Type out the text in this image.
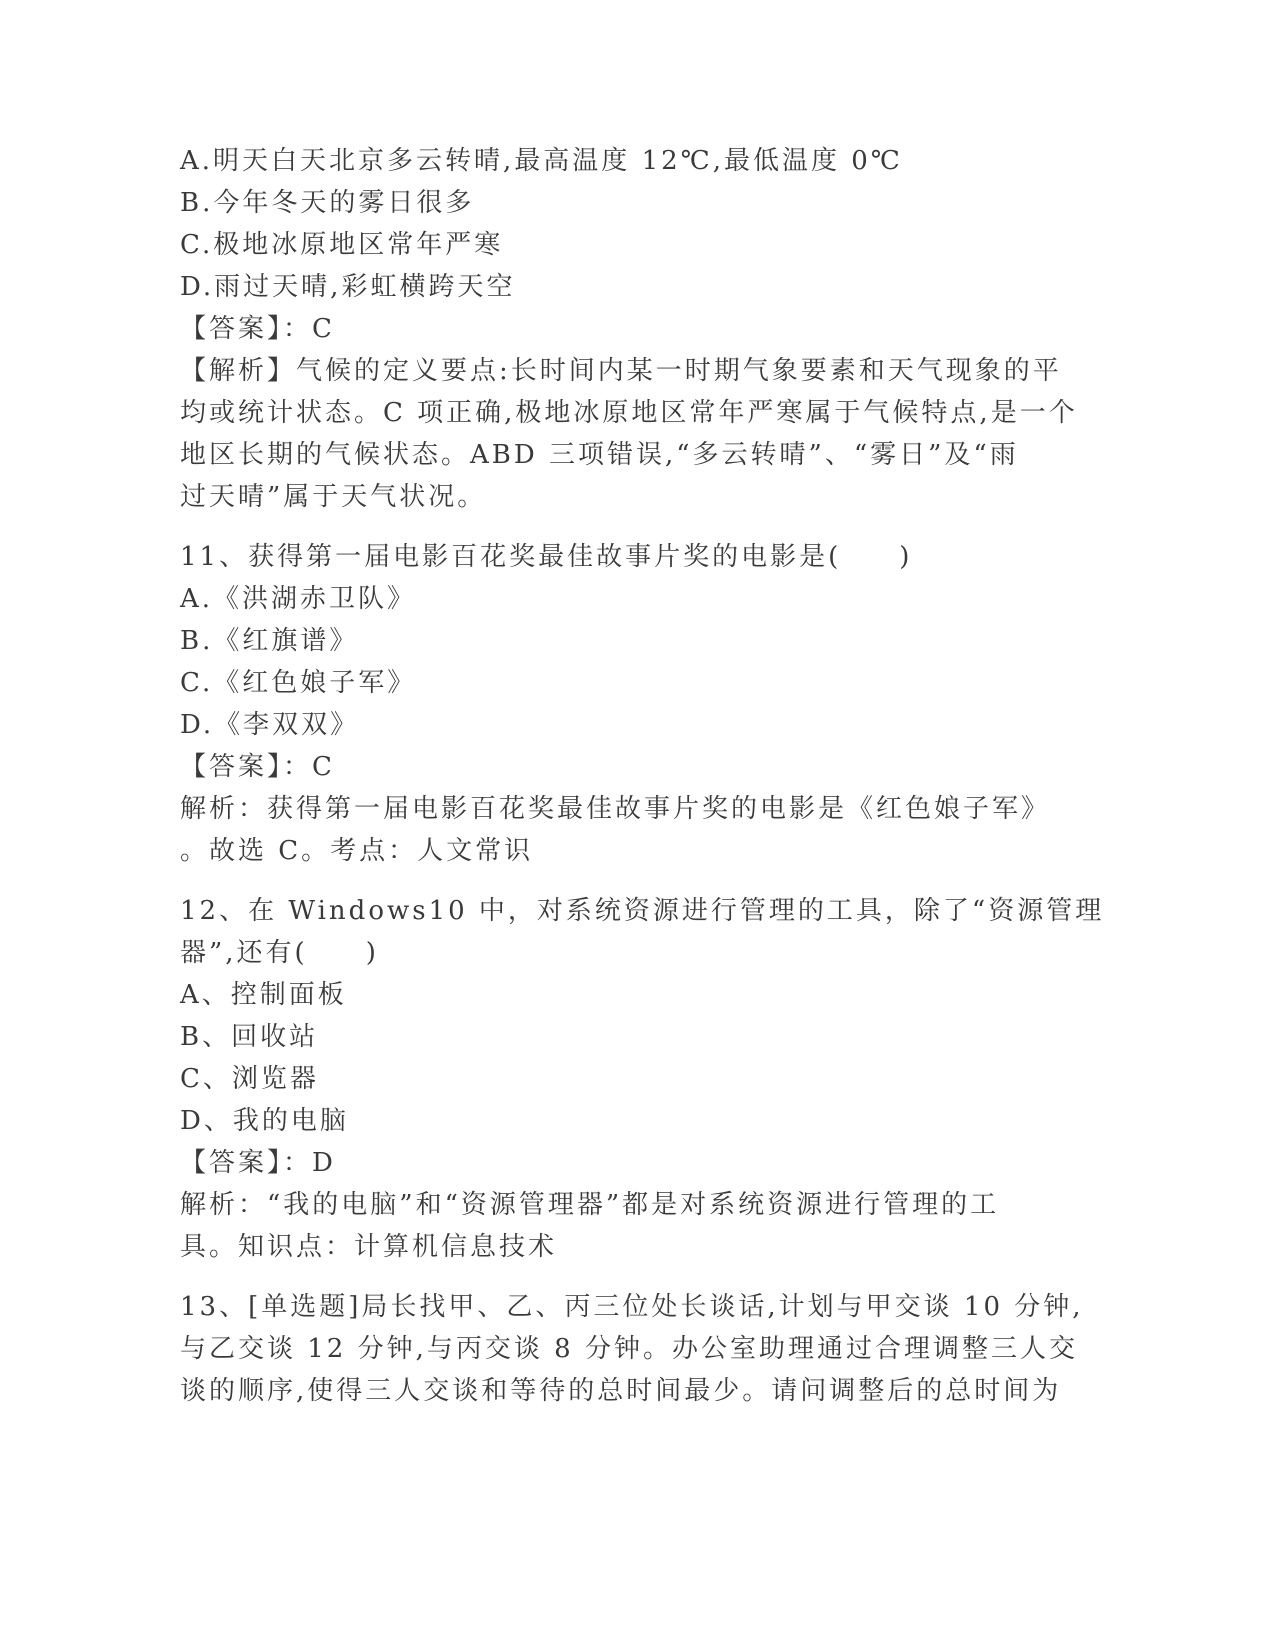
A.明天白天北京多云转晴,最高温度 12℃,最低温度 0℃
B.今年冬天的雾日很多
C.极地冰原地区常年严寒
D.雨过天晴,彩虹横跨天空
【答案】：C
【解析】气候的定义要点:长时间内某一时期气象要素和天气现象的平
均或统计状态。C 项正确,极地冰原地区常年严寒属于气候特点,是一个
地区长期的气候状态。ABD 三项错误,“多云转晴”、“雾日”及“雨
过天晴”属于天气状况。
11、获得第一届电影百花奖最佳故事片奖的电影是(　　)
A.《洪湖赤卫队》
B.《红旗谱》
C.《红色娘子军》
D.《李双双》
【答案】：C
解析：获得第一届电影百花奖最佳故事片奖的电影是《红色娘子军》
。故选 C。考点：人文常识
12、在 Windows10 中，对系统资源进行管理的工具，除了“资源管理
器”,还有(　　)
A、控制面板
B、回收站
C、浏览器
D、我的电脑
【答案】：D
解析：“我的电脑”和“资源管理器”都是对系统资源进行管理的工
具。知识点：计算机信息技术
13、[单选题]局长找甲、乙、丙三位处长谈话,计划与甲交谈 10 分钟,
与乙交谈 12 分钟,与丙交谈 8 分钟。办公室助理通过合理调整三人交
谈的顺序,使得三人交谈和等待的总时间最少。请问调整后的总时间为
